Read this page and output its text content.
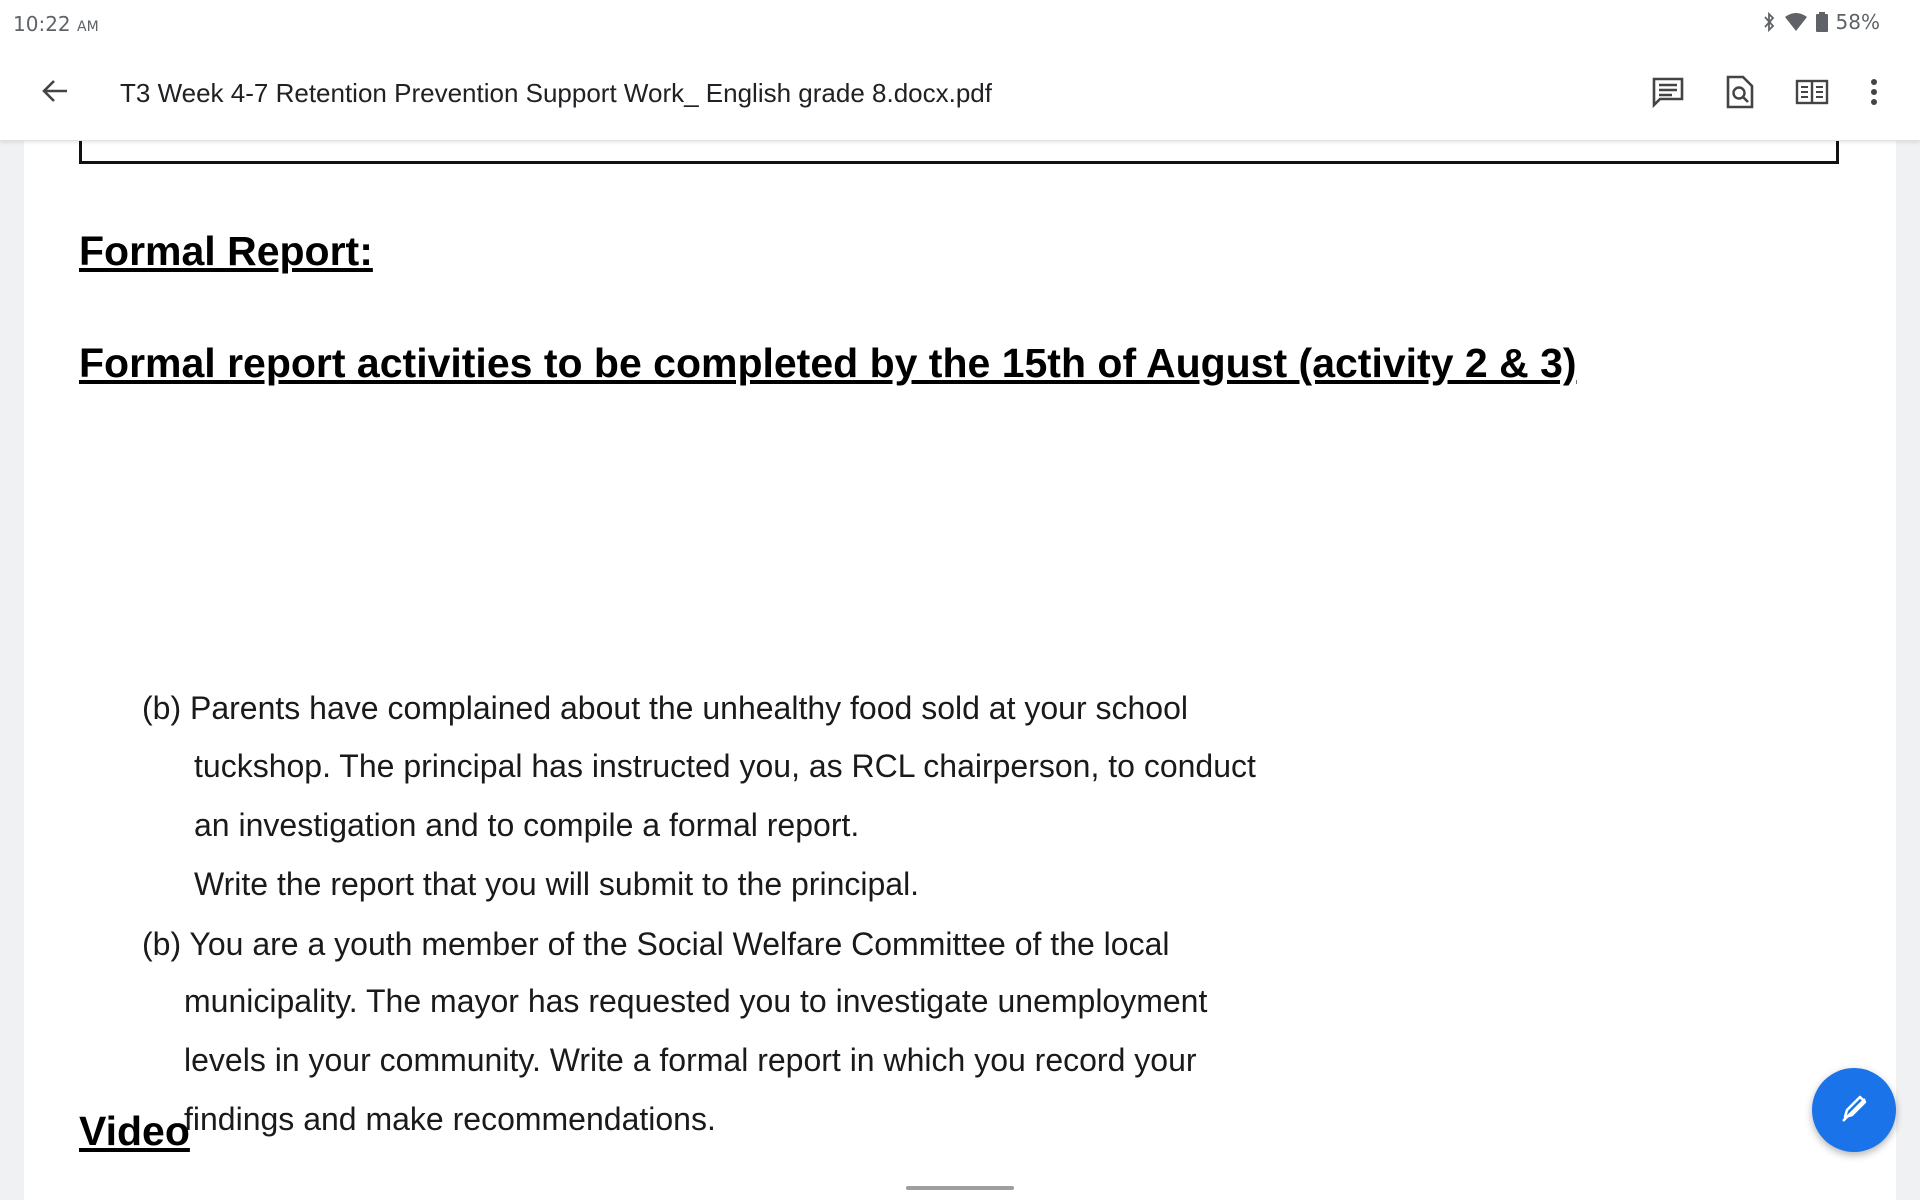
10:22 AM	58%
T3 Week 4-7 Retention Prevention Support Work_ English grade 8.docx.pdf
Formal Report:
Formal report activities to be completed by the 15th of August (activity 2 & 3)
(b) Parents have complained about the unhealthy food sold at your school
tuckshop. The principal has instructed you, as RCL chairperson, to conduct
an investigation and to compile a formal report.
Write the report that you will submit to the principal.
(b) You are a youth member of the Social Welfare Committee of the local
municipality. The mayor has requested you to investigate unemployment
levels in your community. Write a formal report in which you record your
findings and make recommendations.
Video
